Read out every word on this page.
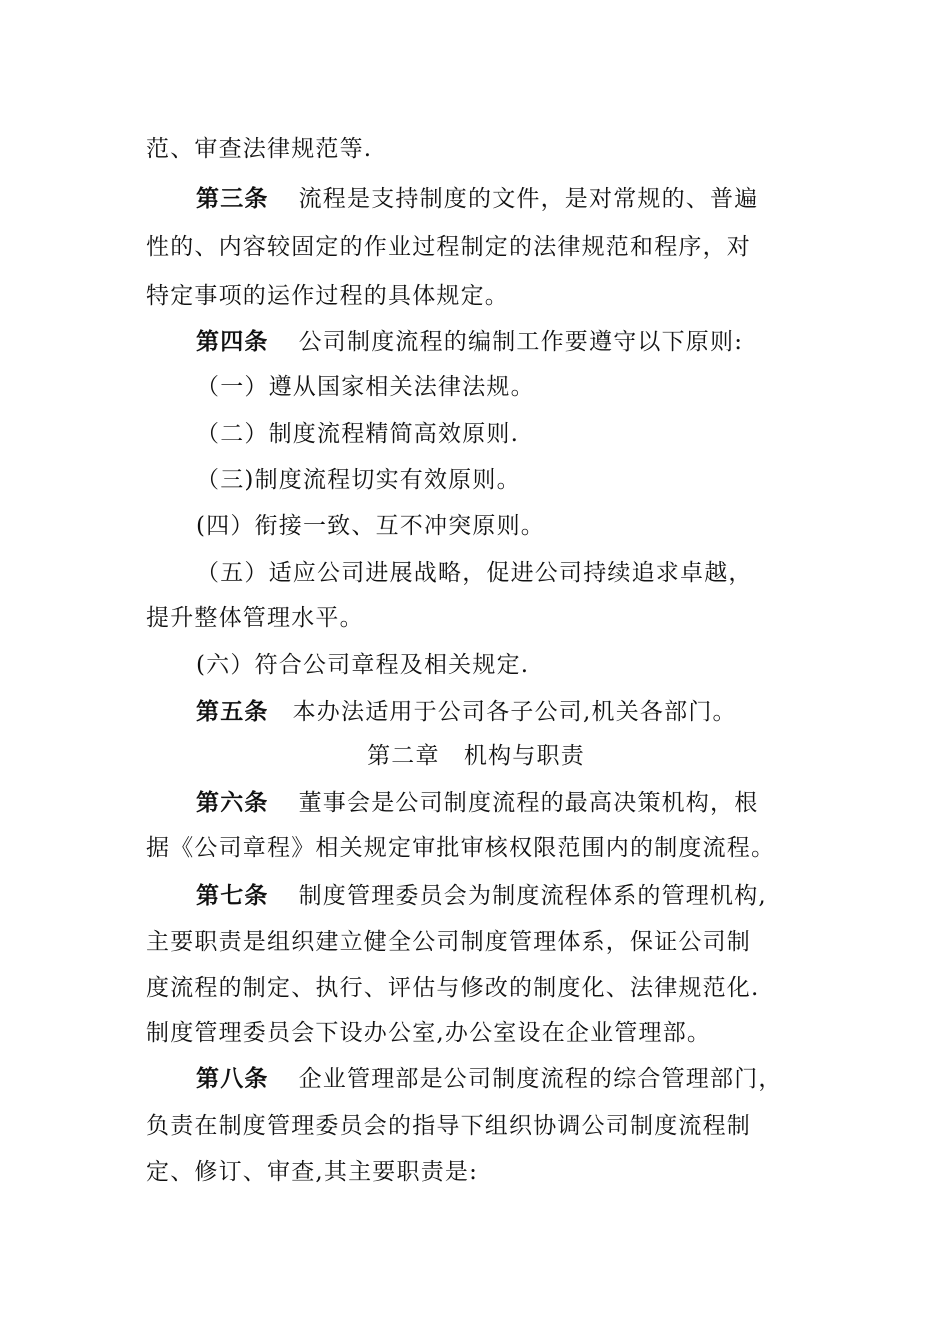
范、审查法律规范等.
第三条 流程是支持制度的文件，是对常规的、普遍
性的、内容较固定的作业过程制定的法律规范和程序，对
特定事项的运作过程的具体规定。
第四条 公司制度流程的编制工作要遵守以下原则:
（一）遵从国家相关法律法规。
（二）制度流程精简高效原则.
（三)制度流程切实有效原则。
(四）衔接一致、互不冲突原则。
（五）适应公司进展战略，促进公司持续追求卓越，
提升整体管理水平。
(六）符合公司章程及相关规定.
第五条 本办法适用于公司各子公司,机关各部门。
第二章　机构与职责
第六条 董事会是公司制度流程的最高决策机构，根
据《公司章程》相关规定审批审核权限范围内的制度流程。
第七条 制度管理委员会为制度流程体系的管理机构,
主要职责是组织建立健全公司制度管理体系，保证公司制
度流程的制定、执行、评估与修改的制度化、法律规范化.
制度管理委员会下设办公室,办公室设在企业管理部。
第八条 企业管理部是公司制度流程的综合管理部门，
负责在制度管理委员会的指导下组织协调公司制度流程制
定、修订、审查,其主要职责是:
